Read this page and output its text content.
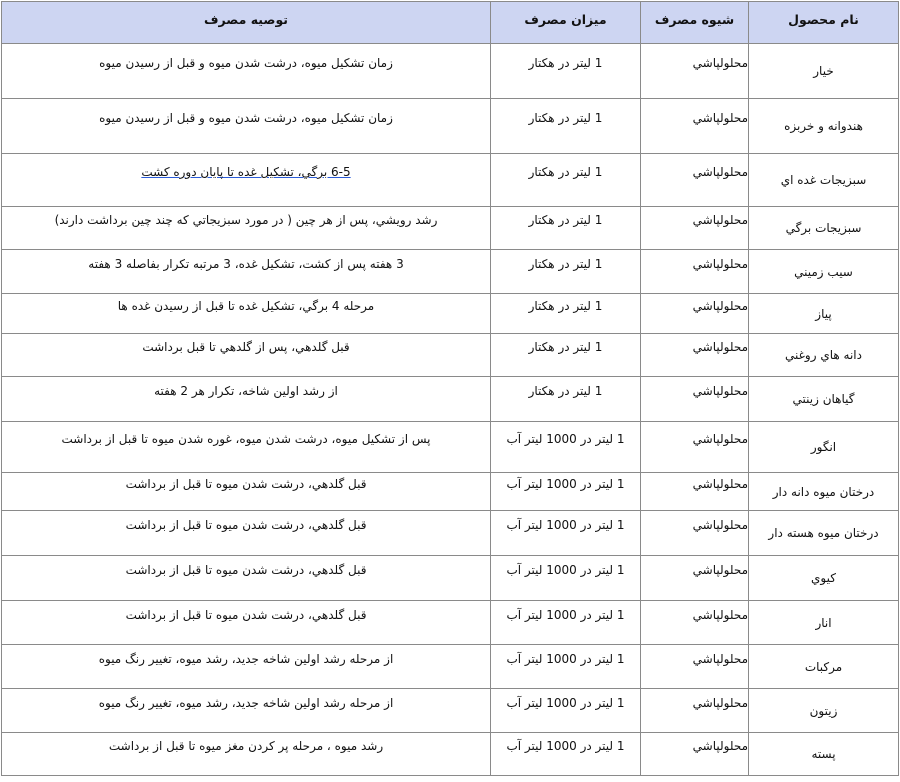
نام محصول	شيوه مصرف	ميزان مصرف	توصيه مصرف

خيار	محلولپاشي	1 ليتر در هكتار	زمان تشكيل ميوه، درشت شدن ميوه و قبل از رسيدن ميوه

هندوانه و خربزه	محلولپاشي	1 ليتر در هكتار	زمان تشكيل ميوه، درشت شدن ميوه و قبل از رسيدن ميوه

سبزيجات غده اي	محلولپاشي	1 ليتر در هكتار	6-5 برگي، تشكيل غده تا پايان دوره كشت

سبزيجات برگي	محلولپاشي	1 ليتر در هكتار	رشد رويشي، پس از هر چين ( در مورد سبزيجاتي كه چند چين برداشت دارند)

سيب زميني	محلولپاشي	1 ليتر در هكتار	3 هفته پس از كشت، تشكيل غده، 3 مرتبه تكرار بفاصله 3 هفته

پياز	محلولپاشي	1 ليتر در هكتار	مرحله 4 برگي، تشكيل غده تا قبل از رسيدن غده ها

دانه هاي روغني	محلولپاشي	1 ليتر در هكتار	قبل گلدهي، پس از گلدهي تا قبل برداشت

گياهان زينتي	محلولپاشي	1 ليتر در هكتار	از رشد اولين شاخه، تكرار هر 2 هفته

انگور	محلولپاشي	1 ليتر در 1000 ليتر آب	پس از تشكيل ميوه، درشت شدن ميوه، غوره شدن ميوه تا قبل از برداشت

درختان ميوه دانه دار	محلولپاشي	1 ليتر در 1000 ليتر آب	قبل گلدهي، درشت شدن ميوه تا قبل از برداشت

درختان ميوه هسته دار	محلولپاشي	1 ليتر در 1000 ليتر آب	قبل گلدهي، درشت شدن ميوه تا قبل از برداشت

كيوي	محلولپاشي	1 ليتر در 1000 ليتر آب	قبل گلدهي، درشت شدن ميوه تا قبل از برداشت

انار	محلولپاشي	1 ليتر در 1000 ليتر آب	قبل گلدهي، درشت شدن ميوه تا قبل از برداشت

مركبات	محلولپاشي	1 ليتر در 1000 ليتر آب	از مرحله رشد اولين شاخه جديد، رشد ميوه، تغيير رنگ ميوه

زيتون	محلولپاشي	1 ليتر در 1000 ليتر آب	از مرحله رشد اولين شاخه جديد، رشد ميوه، تغيير رنگ ميوه

پسته	محلولپاشي	1 ليتر در 1000 ليتر آب	رشد ميوه ، مرحله پر كردن مغز ميوه تا قبل از برداشت
